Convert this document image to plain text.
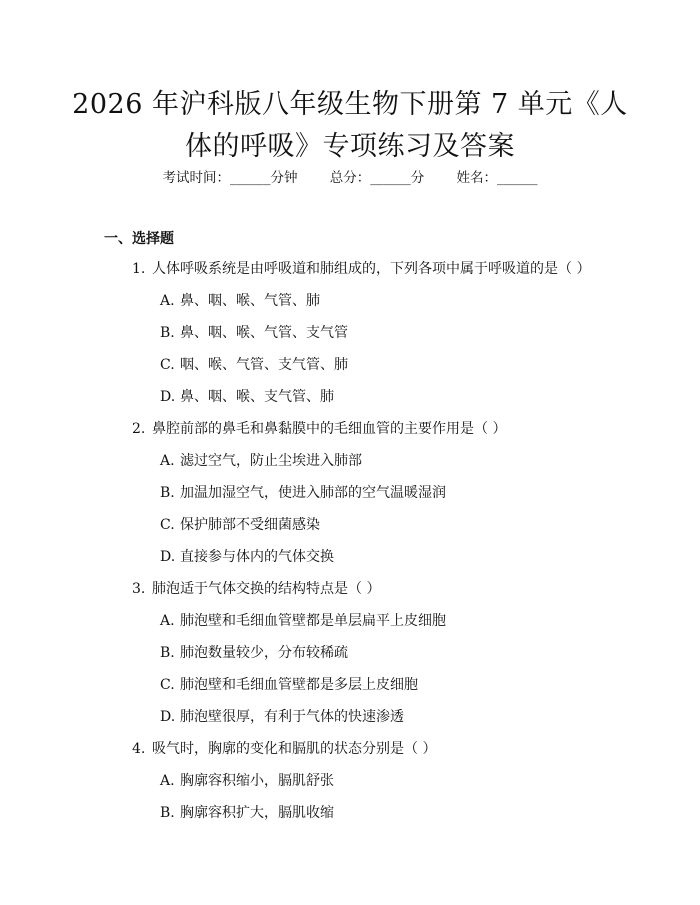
2026 年沪科版八年级生物下册第 7 单元《人
体的呼吸》专项练习及答案
考试时间：______分钟 总分：______分 姓名：______
一、选择题
1. 人体呼吸系统是由呼吸道和肺组成的，下列各项中属于呼吸道的是（ ）
A. 鼻、咽、喉、气管、肺
B. 鼻、咽、喉、气管、支气管
C. 咽、喉、气管、支气管、肺
D. 鼻、咽、喉、支气管、肺
2. 鼻腔前部的鼻毛和鼻黏膜中的毛细血管的主要作用是（ ）
A. 滤过空气，防止尘埃进入肺部
B. 加温加湿空气，使进入肺部的空气温暖湿润
C. 保护肺部不受细菌感染
D. 直接参与体内的气体交换
3. 肺泡适于气体交换的结构特点是（ ）
A. 肺泡壁和毛细血管壁都是单层扁平上皮细胞
B. 肺泡数量较少，分布较稀疏
C. 肺泡壁和毛细血管壁都是多层上皮细胞
D. 肺泡壁很厚，有利于气体的快速渗透
4. 吸气时，胸廓的变化和膈肌的状态分别是（ ）
A. 胸廓容积缩小，膈肌舒张
B. 胸廓容积扩大，膈肌收缩
